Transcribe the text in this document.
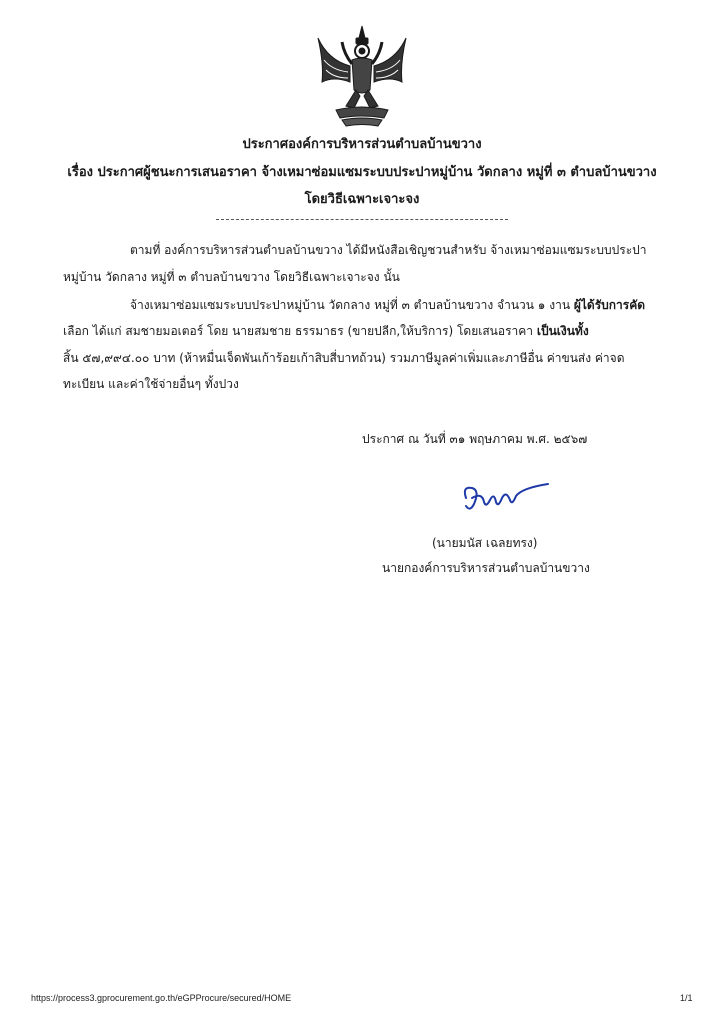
ประกาศองค์การบริหารส่วนตำบลบ้านขวาง
เรื่อง ประกาศผู้ชนะการเสนอราคา จ้างเหมาซ่อมแซมระบบประปาหมู่บ้าน วัดกลาง หมู่ที่ ๓ ตำบลบ้านขวาง
โดยวิธีเฉพาะเจาะจง
ตามที่ องค์การบริหารส่วนตำบลบ้านขวาง ได้มีหนังสือเชิญชวนสำหรับ จ้างเหมาซ่อมแซมระบบประปา
หมู่บ้าน วัดกลาง หมู่ที่ ๓ ตำบลบ้านขวาง โดยวิธีเฉพาะเจาะจง นั้น
จ้างเหมาซ่อมแซมระบบประปาหมู่บ้าน วัดกลาง หมู่ที่ ๓ ตำบลบ้านขวาง จำนวน ๑ งาน ผู้ได้รับการคัด
เลือก ได้แก่ สมชายมอเตอร์ โดย นายสมชาย ธรรมาธร (ขายปลีก,ให้บริการ) โดยเสนอราคา เป็นเงินทั้ง
สิ้น ๕๗,๙๙๔.๐๐ บาท (ห้าหมื่นเจ็ดพันเก้าร้อยเก้าสิบสี่บาทถ้วน) รวมภาษีมูลค่าเพิ่มและภาษีอื่น ค่าขนส่ง ค่าจด
ทะเบียน และค่าใช้จ่ายอื่นๆ ทั้งปวง
ประกาศ ณ วันที่ ๓๑ พฤษภาคม พ.ศ. ๒๕๖๗
(นายมนัส เฉลยทรง)
นายกองค์การบริหารส่วนตำบลบ้านขวาง
https://process3.gprocurement.go.th/eGPProcure/secured/HOME	1/1
